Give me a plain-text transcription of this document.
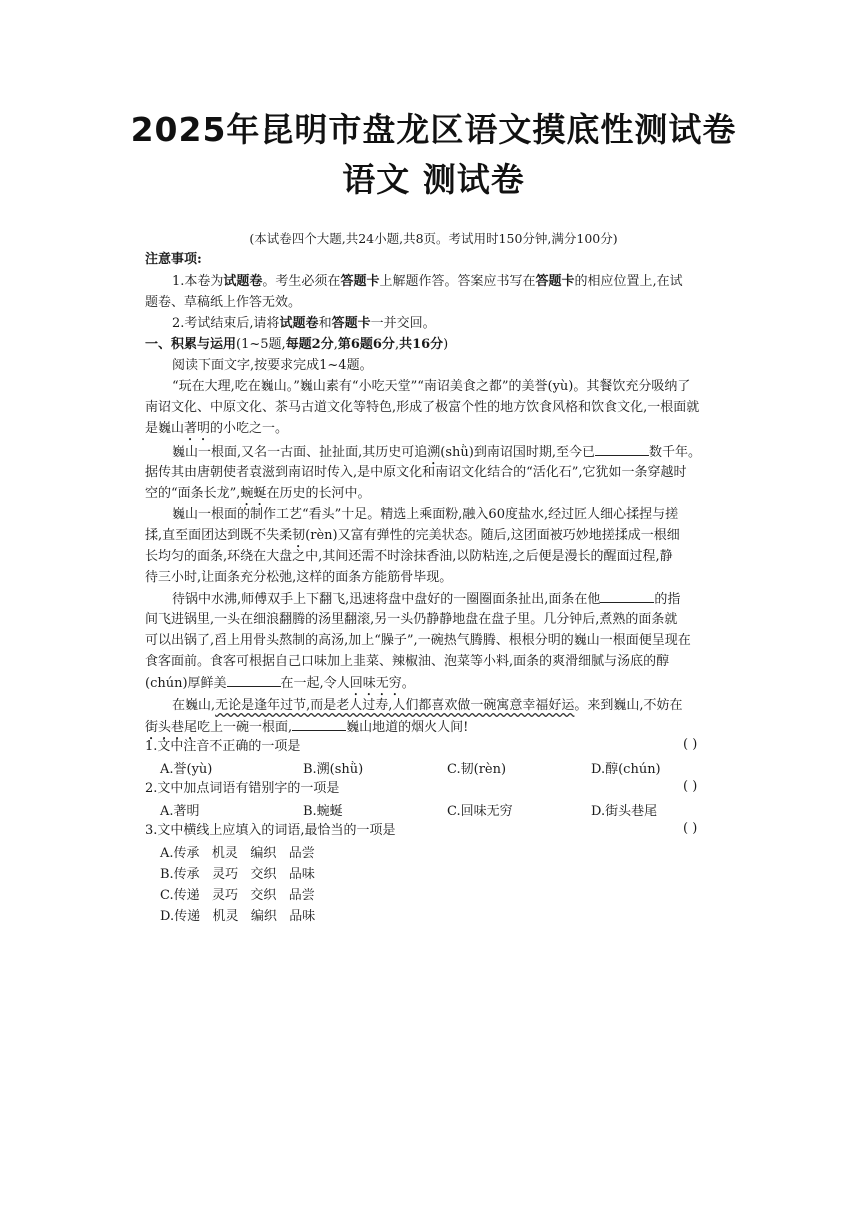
2025年昆明市盘龙区语文摸底性测试卷
语文 测试卷
(本试卷四个大题,共24小题,共8页。考试用时150分钟,满分100分)
注意事项:
1.本卷为试题卷。考生必须在答题卡上解题作答。答案应书写在答题卡的相应位置上,在试
题卷、草稿纸上作答无效。
2.考试结束后,请将试题卷和答题卡一并交回。
一、积累与运用(1~5题,每题2分,第6题6分,共16分)
阅读下面文字,按要求完成1~4题。
“玩在大理,吃在巍山。”巍山素有“小吃天堂”“南诏美食之都”的美誉(yù)。其餐饮充分吸纳了
南诏文化、中原文化、茶马古道文化等特色,形成了极富个性的地方饮食风格和饮食文化,一根面就
是巍山著明的小吃之一。
巍山一根面,又名一古面、扯扯面,其历史可追溯(shǜ)到南诏国时期,至今已	数千年。
据传其由唐朝使者袁滋到南诏时传入,是中原文化和南诏文化结合的“活化石”,它犹如一条穿越时
空的“面条长龙”,蜿蜒在历史的长河中。
巍山一根面的制作工艺“看头”十足。精选上乘面粉,融入60度盐水,经过匠人细心揉捏与搓
揉,直至面团达到既不失柔韧(rèn)又富有弹性的完美状态。随后,这团面被巧妙地搓揉成一根细
长均匀的面条,环绕在大盘之中,其间还需不时涂抹香油,以防粘连,之后便是漫长的醒面过程,静
待三小时,让面条充分松弛,这样的面条方能筋骨毕现。
待锅中水沸,师傅双手上下翻飞,迅速将盘中盘好的一圈圈面条扯出,面条在他	的指
间飞进锅里,一头在细浪翻腾的汤里翻滚,另一头仍静静地盘在盘子里。几分钟后,煮熟的面条就
可以出锅了,舀上用骨头熬制的高汤,加上“臊子”,一碗热气腾腾、根根分明的巍山一根面便呈现在
食客面前。食客可根据自己口味加上韭菜、辣椒油、泡菜等小料,面条的爽滑细腻与汤底的醇
(chún)厚鲜美	在一起,令人回味无穷。
在巍山,无论是逢年过节,而是老人过寿,人们都喜欢做一碗寓意幸福好运。来到巍山,不妨在
街头巷尾吃上一碗一根面,	巍山地道的烟火人间!
1.文中注音不正确的一项是	( )
A.誉(yù)	B.溯(shǜ)	C.韧(rèn)	D.醇(chún)
2.文中加点词语有错别字的一项是	( )
A.著明	B.蜿蜒	C.回味无穷	D.街头巷尾
3.文中横线上应填入的词语,最恰当的一项是	( )
A.传承   机灵   编织   品尝
B.传承   灵巧   交织   品味
C.传递   灵巧   交织   品尝
D.传递   机灵   编织   品味
